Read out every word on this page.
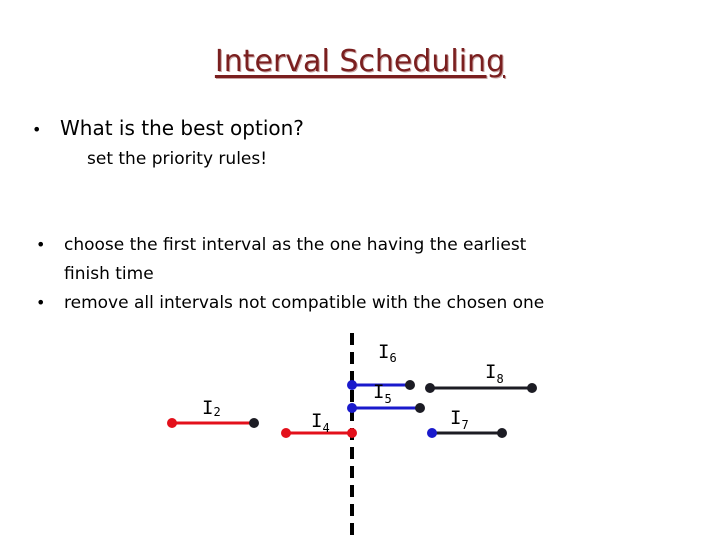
Interval Scheduling
• What is the best option?
set the priority rules!
• choose the first interval as the one having the earliest
finish time
• remove all intervals not compatible with the chosen one
I2	$I_4$
$I_5$
$I_6$
$I_7$
$I_8$
